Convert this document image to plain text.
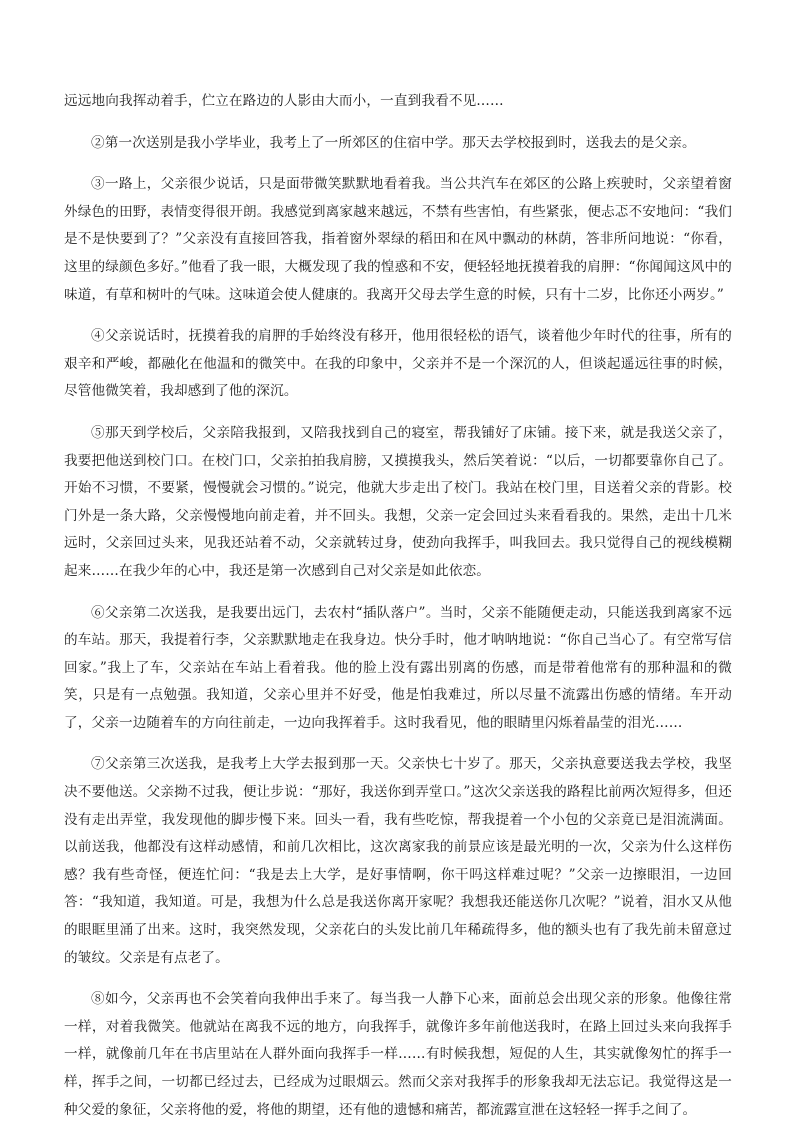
远远地向我挥动着手，伫立在路边的人影由大而小，一直到我看不见……

②第一次送别是我小学毕业，我考上了一所郊区的住宿中学。那天去学校报到时，送我去的是父亲。

③一路上，父亲很少说话，只是面带微笑默默地看着我。当公共汽车在郊区的公路上疾驶时，父亲望着窗外绿色的田野，表情变得很开朗。我感觉到离家越来越远，不禁有些害怕，有些紧张，便忐忑不安地问：“我们是不是快要到了？”父亲没有直接回答我，指着窗外翠绿的稻田和在风中飘动的林荫，答非所问地说：“你看，这里的绿颜色多好。”他看了我一眼，大概发现了我的惶惑和不安，便轻轻地抚摸着我的肩胛：“你闻闻这风中的味道，有草和树叶的气味。这味道会使人健康的。我离开父母去学生意的时候，只有十二岁，比你还小两岁。”

④父亲说话时，抚摸着我的肩胛的手始终没有移开，他用很轻松的语气，谈着他少年时代的往事，所有的艰辛和严峻，都融化在他温和的微笑中。在我的印象中，父亲并不是一个深沉的人，但谈起遥远往事的时候，尽管他微笑着，我却感到了他的深沉。

⑤那天到学校后，父亲陪我报到，又陪我找到自己的寝室，帮我铺好了床铺。接下来，就是我送父亲了，我要把他送到校门口。在校门口，父亲拍拍我肩膀，又摸摸我头，然后笑着说：“以后，一切都要靠你自己了。开始不习惯，不要紧，慢慢就会习惯的。”说完，他就大步走出了校门。我站在校门里，目送着父亲的背影。校门外是一条大路，父亲慢慢地向前走着，并不回头。我想，父亲一定会回过头来看看我的。果然，走出十几米远时，父亲回过头来，见我还站着不动，父亲就转过身，使劲向我挥手，叫我回去。我只觉得自己的视线模糊起来……在我少年的心中，我还是第一次感到自己对父亲是如此依恋。

⑥父亲第二次送我，是我要出远门，去农村“插队落户”。当时，父亲不能随便走动，只能送我到离家不远的车站。那天，我提着行李，父亲默默地走在我身边。快分手时，他才呐呐地说：“你自己当心了。有空常写信回家。”我上了车，父亲站在车站上看着我。他的脸上没有露出别离的伤感，而是带着他常有的那种温和的微笑，只是有一点勉强。我知道，父亲心里并不好受，他是怕我难过，所以尽量不流露出伤感的情绪。车开动了，父亲一边随着车的方向往前走，一边向我挥着手。这时我看见，他的眼睛里闪烁着晶莹的泪光……

⑦父亲第三次送我，是我考上大学去报到那一天。父亲快七十岁了。那天，父亲执意要送我去学校，我坚决不要他送。父亲拗不过我，便让步说：“那好，我送你到弄堂口。”这次父亲送我的路程比前两次短得多，但还没有走出弄堂，我发现他的脚步慢下来。回头一看，我有些吃惊，帮我提着一个小包的父亲竟已是泪流满面。以前送我，他都没有这样动感情，和前几次相比，这次离家我的前景应该是最光明的一次，父亲为什么这样伤感？我有些奇怪，便连忙问：“我是去上大学，是好事情啊，你干吗这样难过呢？”父亲一边擦眼泪，一边回答：“我知道，我知道。可是，我想为什么总是我送你离开家呢？我想我还能送你几次呢？”说着，泪水又从他的眼眶里涌了出来。这时，我突然发现，父亲花白的头发比前几年稀疏得多，他的额头也有了我先前未留意过的皱纹。父亲是有点老了。

⑧如今，父亲再也不会笑着向我伸出手来了。每当我一人静下心来，面前总会出现父亲的形象。他像往常一样，对着我微笑。他就站在离我不远的地方，向我挥手，就像许多年前他送我时，在路上回过头来向我挥手一样，就像前几年在书店里站在人群外面向我挥手一样……有时候我想，短促的人生，其实就像匆忙的挥手一样，挥手之间，一切都已经过去，已经成为过眼烟云。然而父亲对我挥手的形象我却无法忘记。我觉得这是一种父爱的象征，父亲将他的爱，将他的期望，还有他的遗憾和痛苦，都流露宣泄在这轻轻一挥手之间了。
